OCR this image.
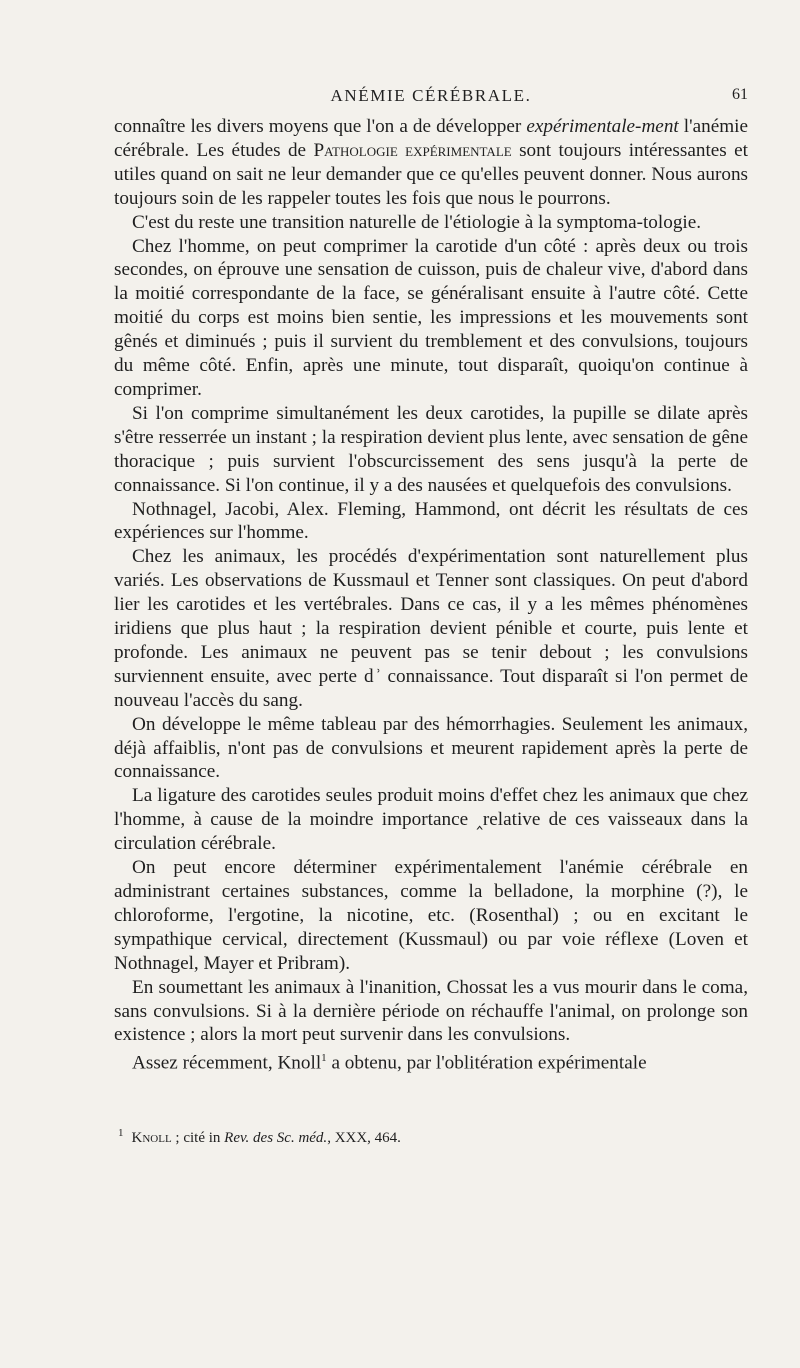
ANÉMIE CÉRÉBRALE.	61

connaître les divers moyens que l'on a de développer expérimentale-ment l'anémie cérébrale. Les études de Pathologie expérimentale sont toujours intéressantes et utiles quand on sait ne leur demander que ce qu'elles peuvent donner. Nous aurons toujours soin de les rappeler toutes les fois que nous le pourrons.

C'est du reste une transition naturelle de l'étiologie à la symptoma-tologie.

Chez l'homme, on peut comprimer la carotide d'un côté : après deux ou trois secondes, on éprouve une sensation de cuisson, puis de chaleur vive, d'abord dans la moitié correspondante de la face, se généralisant ensuite à l'autre côté. Cette moitié du corps est moins bien sentie, les impressions et les mouvements sont gênés et diminués ; puis il survient du tremblement et des convulsions, toujours du même côté. Enfin, après une minute, tout disparaît, quoiqu'on continue à comprimer.

Si l'on comprime simultanément les deux carotides, la pupille se dilate après s'être resserrée un instant ; la respiration devient plus lente, avec sensation de gêne thoracique ; puis survient l'obscurcissement des sens jusqu'à la perte de connaissance. Si l'on continue, il y a des nausées et quelquefois des convulsions.

Nothnagel, Jacobi, Alex. Fleming, Hammond, ont décrit les résultats de ces expériences sur l'homme.

Chez les animaux, les procédés d'expérimentation sont naturellement plus variés. Les observations de Kussmaul et Tenner sont classiques. On peut d'abord lier les carotides et les vertébrales. Dans ce cas, il y a les mêmes phénomènes iridiens que plus haut ; la respiration devient pénible et courte, puis lente et profonde. Les animaux ne peuvent pas se tenir debout ; les convulsions surviennent ensuite, avec perte d ͗ connaissance. Tout disparaît si l'on permet de nouveau l'accès du sang.

On développe le même tableau par des hémorrhagies. Seulement les animaux, déjà affaiblis, n'ont pas de convulsions et meurent rapidement après la perte de connaissance.

La ligature des carotides seules produit moins d'effet chez les animaux que chez l'homme, à cause de la moindre importance ‸relative de ces vaisseaux dans la circulation cérébrale.

On peut encore déterminer expérimentalement l'anémie cérébrale en administrant certaines substances, comme la belladone, la morphine (?), le chloroforme, l'ergotine, la nicotine, etc. (Rosenthal) ; ou en excitant le sympathique cervical, directement (Kussmaul) ou par voie réflexe (Loven et Nothnagel, Mayer et Pribram).

En soumettant les animaux à l'inanition, Chossat les a vus mourir dans le coma, sans convulsions. Si à la dernière période on réchauffe l'animal, on prolonge son existence ; alors la mort peut survenir dans les convulsions.

Assez récemment, Knoll$^1$ a obtenu, par l'oblitération expérimentale

$^1$ Knoll ; cité in Rev. des Sc. méd., XXX, 464.
